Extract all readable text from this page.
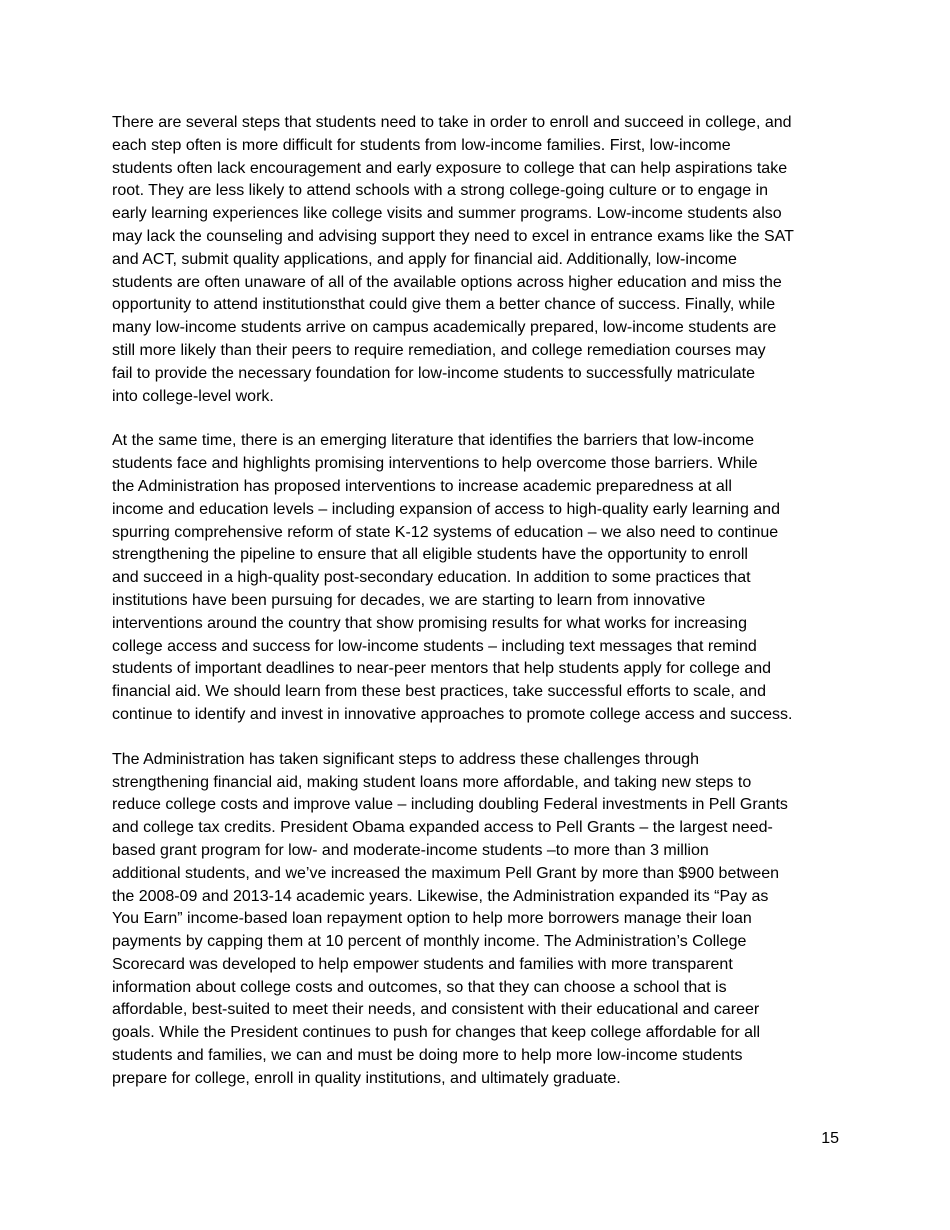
There are several steps that students need to take in order to enroll and succeed in college, and
each step often is more difficult for students from low-income families. First, low-income
students often lack encouragement and early exposure to college that can help aspirations take
root. They are less likely to attend schools with a strong college-going culture or to engage in
early learning experiences like college visits and summer programs. Low-income students also
may lack the counseling and advising support they need to excel in entrance exams like the SAT
and ACT, submit quality applications, and apply for financial aid. Additionally, low-income
students are often unaware of all of the available options across higher education and miss the
opportunity to attend institutionsthat could give them a better chance of success. Finally, while
many low-income students arrive on campus academically prepared, low-income students are
still more likely than their peers to require remediation, and college remediation courses may
fail to provide the necessary foundation for low-income students to successfully matriculate
into college-level work.

At the same time, there is an emerging literature that identifies the barriers that low-income
students face and highlights promising interventions to help overcome those barriers. While
the Administration has proposed interventions to increase academic preparedness at all
income and education levels – including expansion of access to high-quality early learning and
spurring comprehensive reform of state K-12 systems of education – we also need to continue
strengthening the pipeline to ensure that all eligible students have the opportunity to enroll
and succeed in a high-quality post-secondary education. In addition to some practices that
institutions have been pursuing for decades, we are starting to learn from innovative
interventions around the country that show promising results for what works for increasing
college access and success for low-income students – including text messages that remind
students of important deadlines to near-peer mentors that help students apply for college and
financial aid. We should learn from these best practices, take successful efforts to scale, and
continue to identify and invest in innovative approaches to promote college access and success.

The Administration has taken significant steps to address these challenges through
strengthening financial aid, making student loans more affordable, and taking new steps to
reduce college costs and improve value – including doubling Federal investments in Pell Grants
and college tax credits. President Obama expanded access to Pell Grants – the largest need-
based grant program for low- and moderate-income students –to more than 3 million
additional students, and we’ve increased the maximum Pell Grant by more than $900 between
the 2008-09 and 2013-14 academic years. Likewise, the Administration expanded its “Pay as
You Earn” income-based loan repayment option to help more borrowers manage their loan
payments by capping them at 10 percent of monthly income. The Administration’s College
Scorecard was developed to help empower students and families with more transparent
information about college costs and outcomes, so that they can choose a school that is
affordable, best-suited to meet their needs, and consistent with their educational and career
goals. While the President continues to push for changes that keep college affordable for all
students and families, we can and must be doing more to help more low-income students
prepare for college, enroll in quality institutions, and ultimately graduate.

15
